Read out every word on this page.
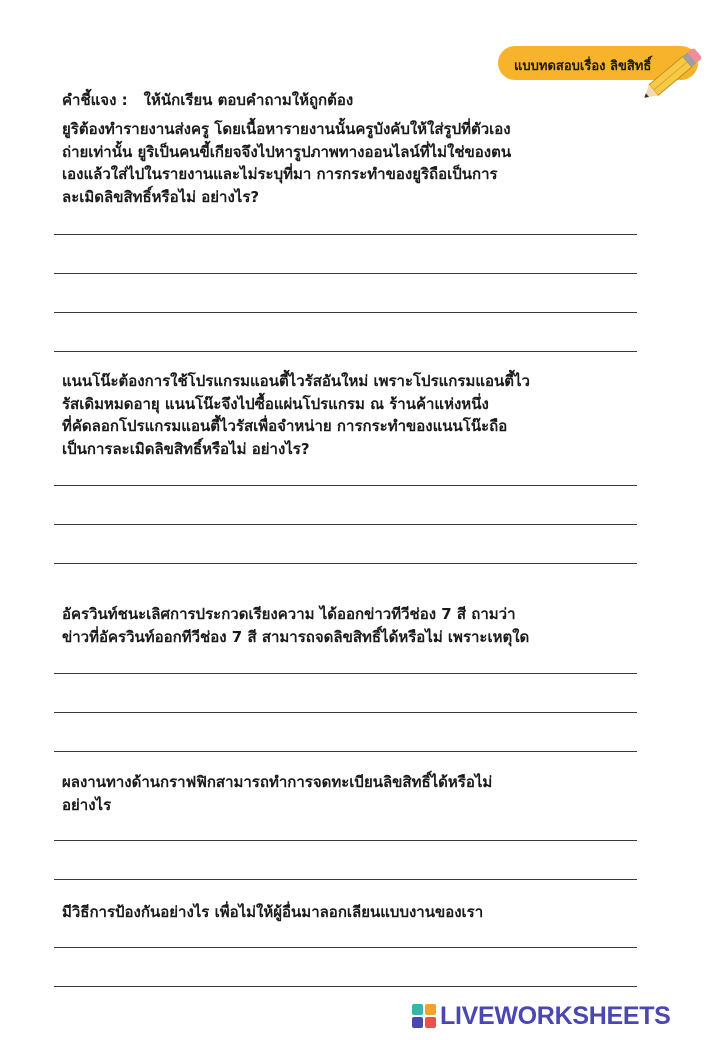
แบบทดสอบเรื่อง ลิขสิทธิ์
คำชี้แจง : ให้นักเรียน ตอบคำถามให้ถูกต้อง
ยูริต้องทำรายงานส่งครู โดยเนื้อหารายงานนั้นครูบังคับให้ใส่รูปที่ตัวเอง
ถ่ายเท่านั้น ยูริเป็นคนขี้เกียจจึงไปหารูปภาพทางออนไลน์ที่ไม่ใช่ของตน
เองแล้วใส่ไปในรายงานและไม่ระบุที่มา การกระทำของยูริถือเป็นการ
ละเมิดลิขสิทธิ์หรือไม่ อย่างไร?
แนนโน๊ะต้องการใช้โปรแกรมแอนตี้ไวรัสอันใหม่ เพราะโปรแกรมแอนตี้ไว
รัสเดิมหมดอายุ แนนโน๊ะจึงไปซื้อแผ่นโปรแกรม ณ ร้านค้าแห่งหนึ่ง
ที่คัดลอกโปรแกรมแอนตี้ไวรัสเพื่อจำหน่าย การกระทำของแนนโน๊ะถือ
เป็นการละเมิดลิขสิทธิ์หรือไม่ อย่างไร?
อัครวินท์ชนะเลิศการประกวดเรียงความ ได้ออกข่าวทีวีช่อง 7 สี ถามว่า
ข่าวที่อัครวินท์ออกทีวีช่อง 7 สี สามารถจดลิขสิทธิ์ได้หรือไม่ เพราะเหตุใด
ผลงานทางด้านกราฟฟิกสามารถทำการจดทะเบียนลิขสิทธิ์ได้หรือไม่
อย่างไร
มีวิธีการป้องกันอย่างไร เพื่อไม่ให้ผู้อื่นมาลอกเลียนแบบงานของเรา
LIVEWORKSHEETS
